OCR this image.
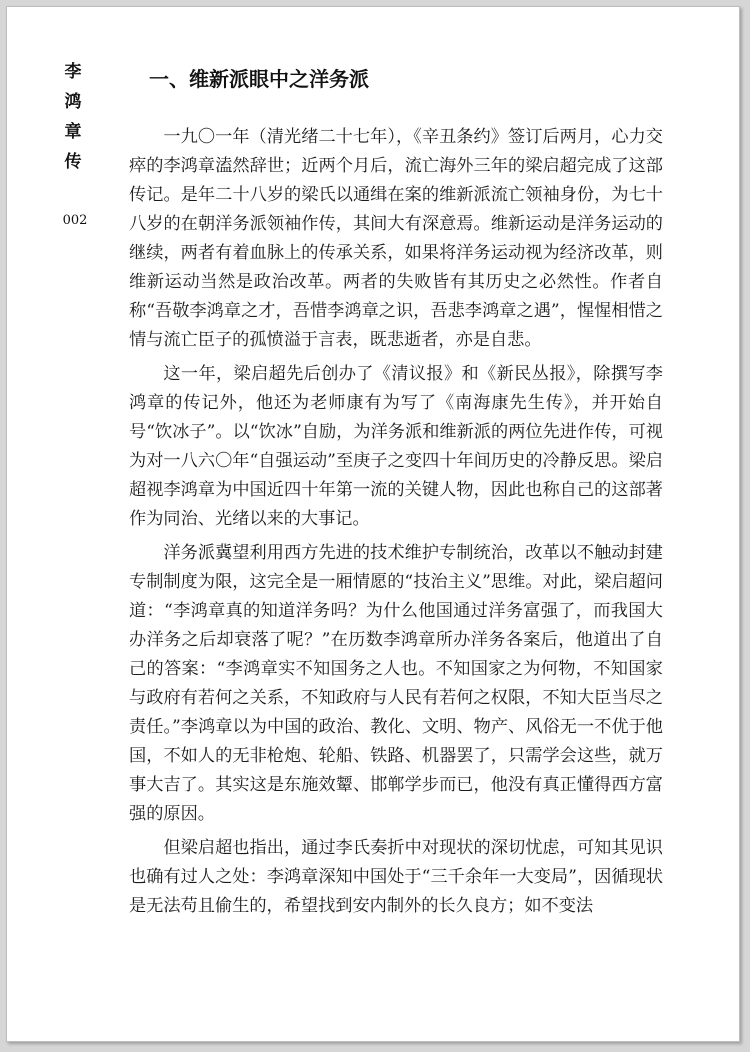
李
鸿
章
传
002
一、维新派眼中之洋务派

一九〇一年（清光绪二十七年），《辛丑条约》签订后两月，心力交瘁的李鸿章溘然辞世；近两个月后，流亡海外三年的梁启超完成了这部传记。是年二十八岁的梁氏以通缉在案的维新派流亡领袖身份，为七十八岁的在朝洋务派领袖作传，其间大有深意焉。维新运动是洋务运动的继续，两者有着血脉上的传承关系，如果将洋务运动视为经济改革，则维新运动当然是政治改革。两者的失败皆有其历史之必然性。作者自称“吾敬李鸿章之才，吾惜李鸿章之识，吾悲李鸿章之遇”，惺惺相惜之情与流亡臣子的孤愤溢于言表，既悲逝者，亦是自悲。

这一年，梁启超先后创办了《清议报》和《新民丛报》，除撰写李鸿章的传记外，他还为老师康有为写了《南海康先生传》，并开始自号“饮冰子”。以“饮冰”自励，为洋务派和维新派的两位先进作传，可视为对一八六〇年“自强运动”至庚子之变四十年间历史的冷静反思。梁启超视李鸿章为中国近四十年第一流的关键人物，因此也称自己的这部著作为同治、光绪以来的大事记。

洋务派冀望利用西方先进的技术维护专制统治，改革以不触动封建专制制度为限，这完全是一厢情愿的“技治主义”思维。对此，梁启超问道：“李鸿章真的知道洋务吗？为什么他国通过洋务富强了，而我国大办洋务之后却衰落了呢？”在历数李鸿章所办洋务各案后，他道出了自己的答案：“李鸿章实不知国务之人也。不知国家之为何物，不知国家与政府有若何之关系，不知政府与人民有若何之权限，不知大臣当尽之责任。”李鸿章以为中国的政治、教化、文明、物产、风俗无一不优于他国，不如人的无非枪炮、轮船、铁路、机器罢了，只需学会这些，就万事大吉了。其实这是东施效颦、邯郸学步而已，他没有真正懂得西方富强的原因。

但梁启超也指出，通过李氏奏折中对现状的深切忧虑，可知其见识也确有过人之处：李鸿章深知中国处于“三千余年一大变局”，因循现状是无法苟且偷生的，希望找到安内制外的长久良方；如不变法
